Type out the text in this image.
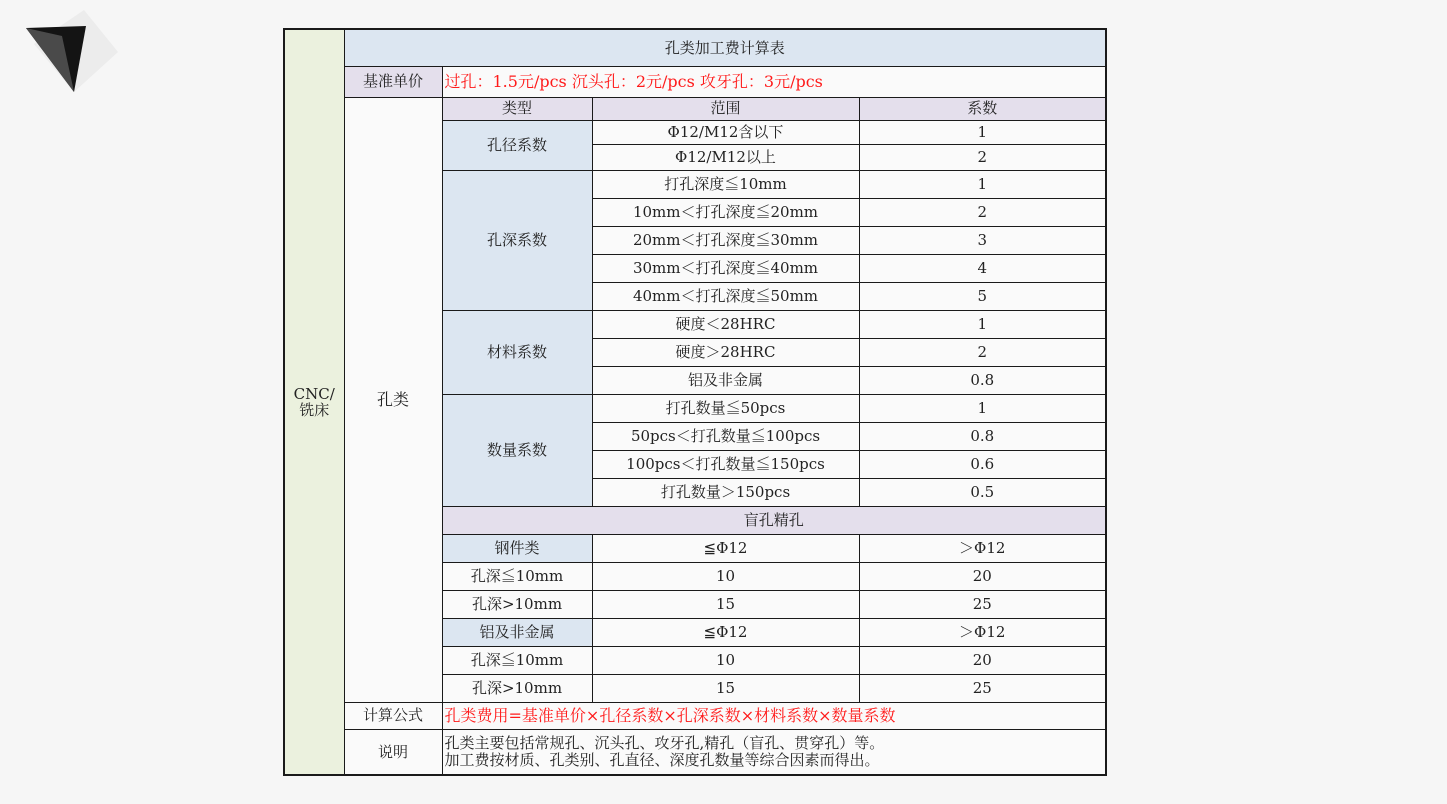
CNC/
铣床	孔类加工费计算表			
	基准单价	过孔：1.5元/pcs 沉头孔：2元/pcs 攻牙孔：3元/pcs		
	孔类	类型	范围	系数
		孔径系数	Φ12/M12含以下	1
			Φ12/M12以上	2
		孔深系数	打孔深度≦10mm	1
			10mm＜打孔深度≦20mm	2
			20mm＜打孔深度≦30mm	3
			30mm＜打孔深度≦40mm	4
			40mm＜打孔深度≦50mm	5
		材料系数	硬度＜28HRC	1
			硬度＞28HRC	2
			铝及非金属	0.8
		数量系数	打孔数量≦50pcs	1
			50pcs＜打孔数量≦100pcs	0.8
			100pcs＜打孔数量≦150pcs	0.6
			打孔数量＞150pcs	0.5
		盲孔精孔		
		钢件类	≦Φ12	＞Φ12
		孔深≦10mm	10	20
		孔深>10mm	15	25
		铝及非金属	≦Φ12	＞Φ12
		孔深≦10mm	10	20
		孔深>10mm	15	25
	计算公式	孔类费用=基准单价×孔径系数×孔深系数×材料系数×数量系数		
	说明	孔类主要包括常规孔、沉头孔、攻牙孔,精孔（盲孔、贯穿孔）等。
加工费按材质、孔类别、孔直径、深度孔数量等综合因素而得出。		
